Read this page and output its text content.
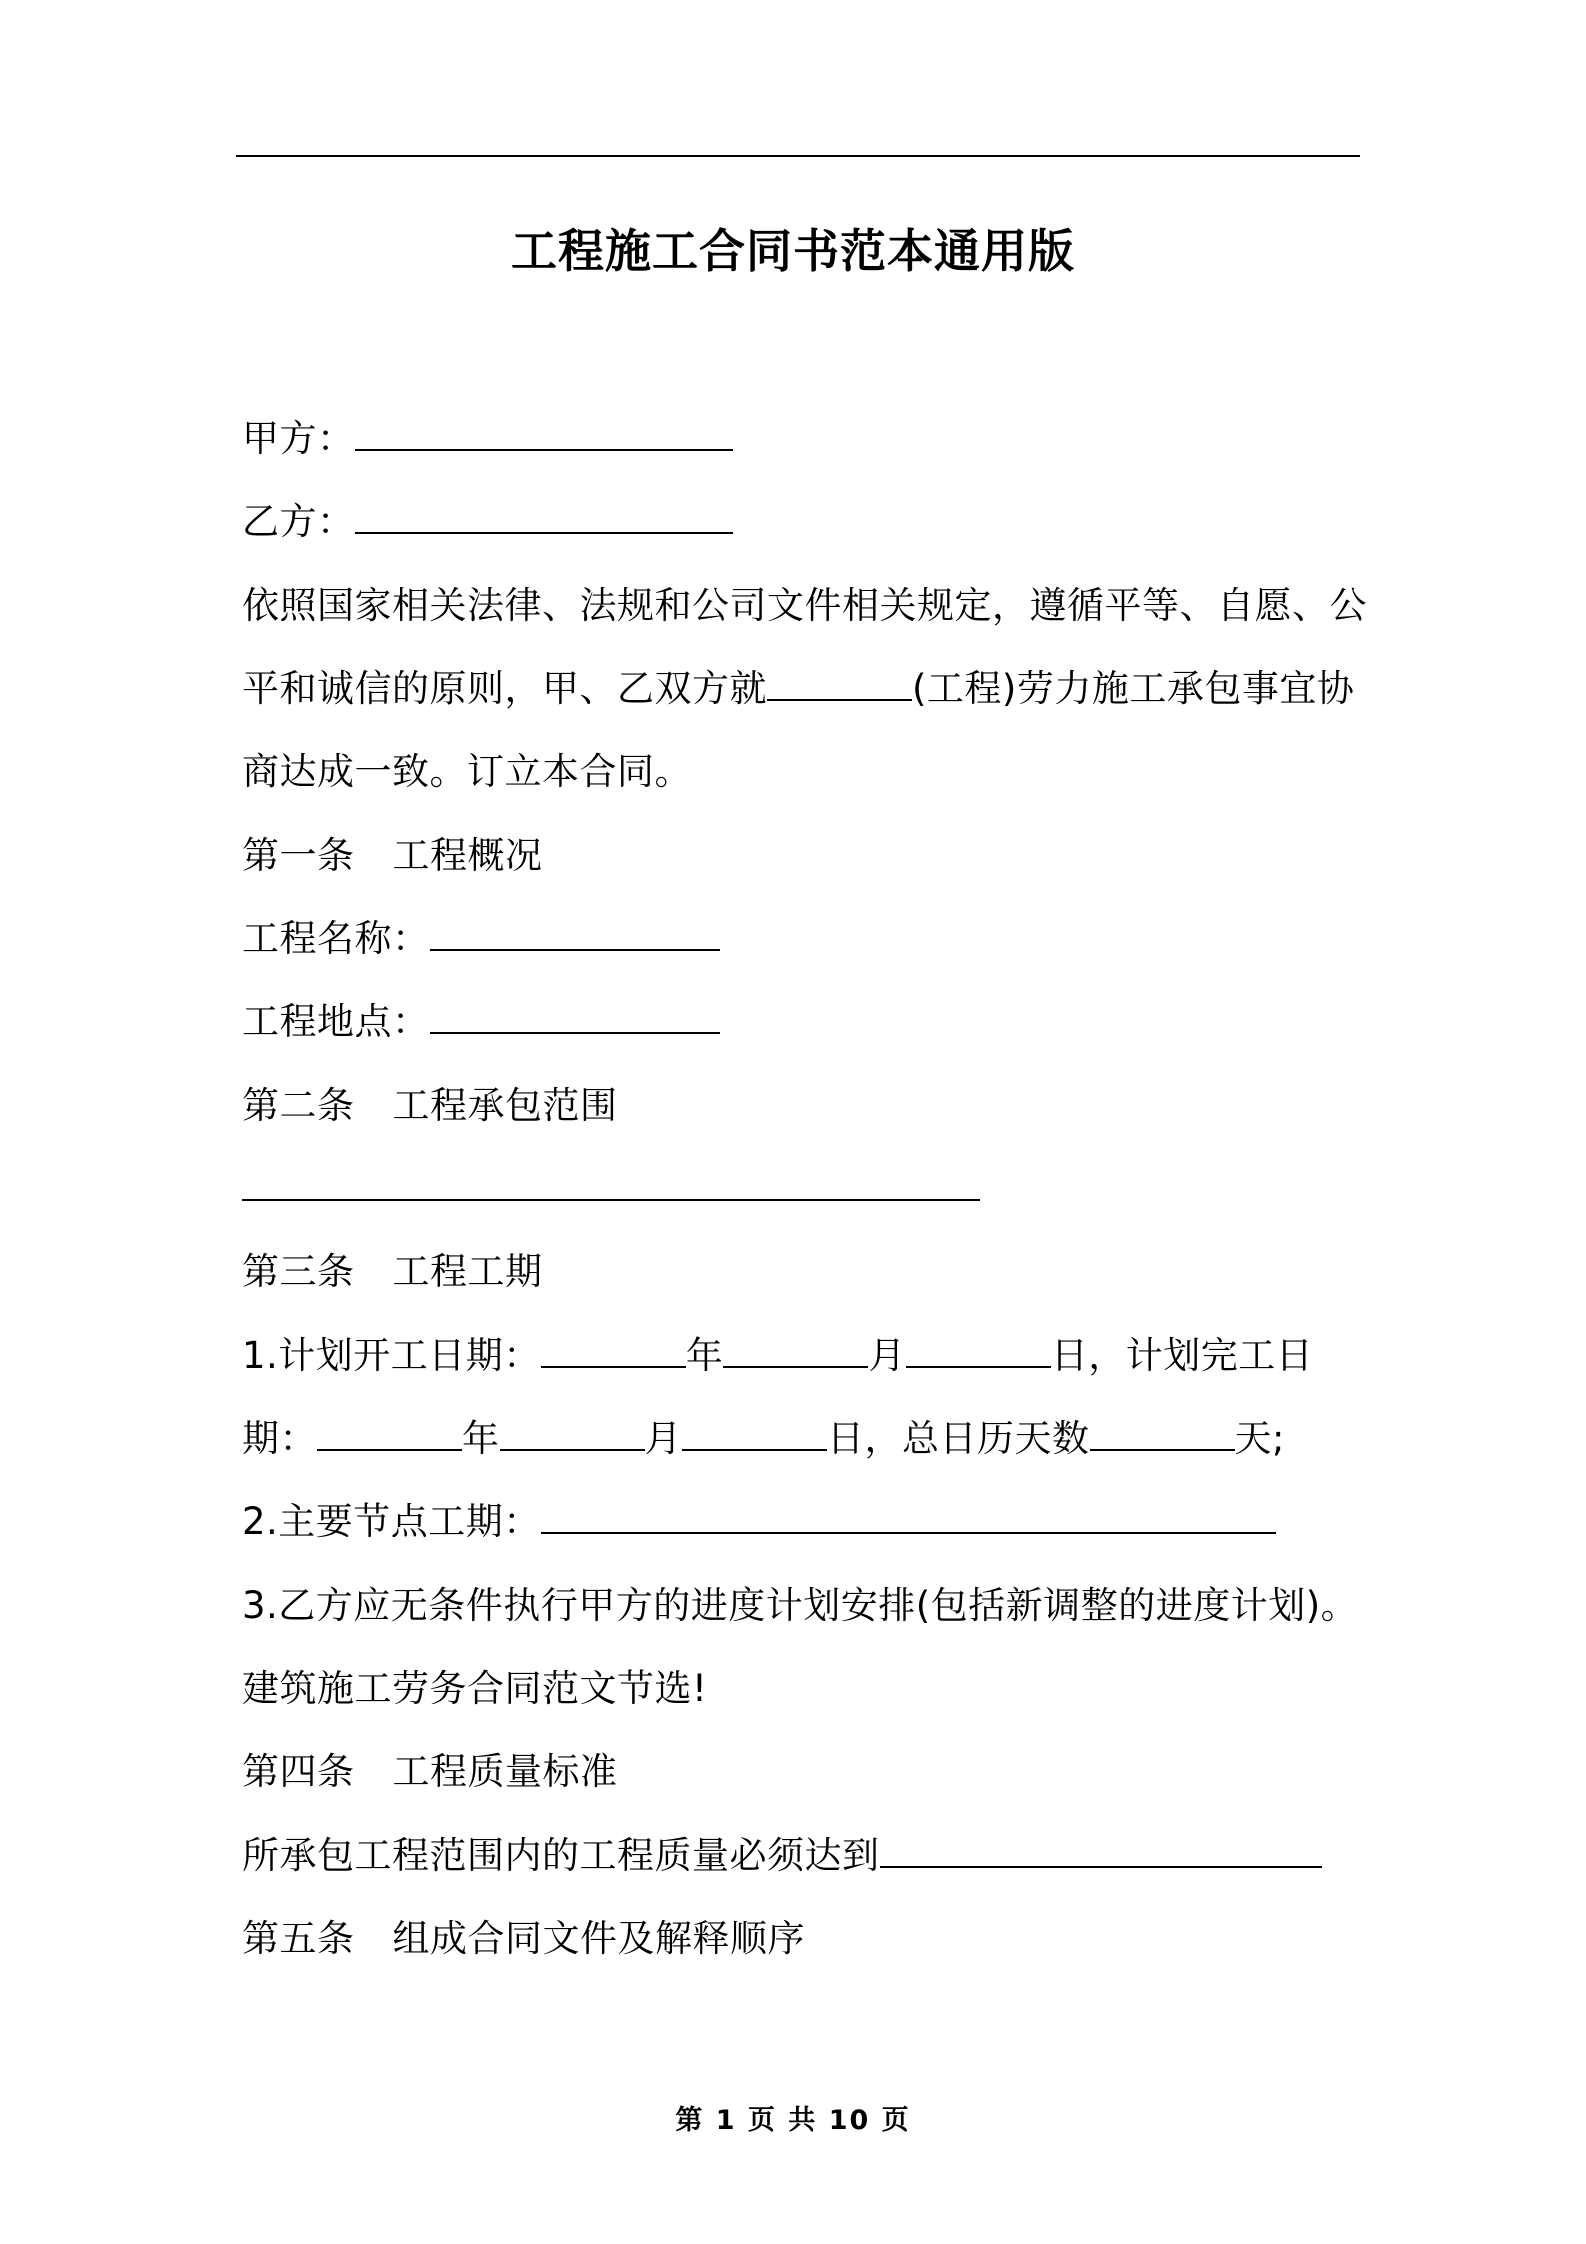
工程施工合同书范本通用版
甲方：
乙方：
依照国家相关法律、法规和公司文件相关规定，遵循平等、自愿、公
平和诚信的原则，甲、乙双方就	(工程)劳力施工承包事宜协
商达成一致。订立本合同。
第一条 工程概况
工程名称：
工程地点：
第二条 工程承包范围
第三条 工程工期
1.计划开工日期：	年	月	日，计划完工日
期：	年	月	日，总日历天数	天;
2.主要节点工期：
3.乙方应无条件执行甲方的进度计划安排(包括新调整的进度计划)。
建筑施工劳务合同范文节选!
第四条 工程质量标准
所承包工程范围内的工程质量必须达到
第五条 组成合同文件及解释顺序
第 1 页 共 10 页
